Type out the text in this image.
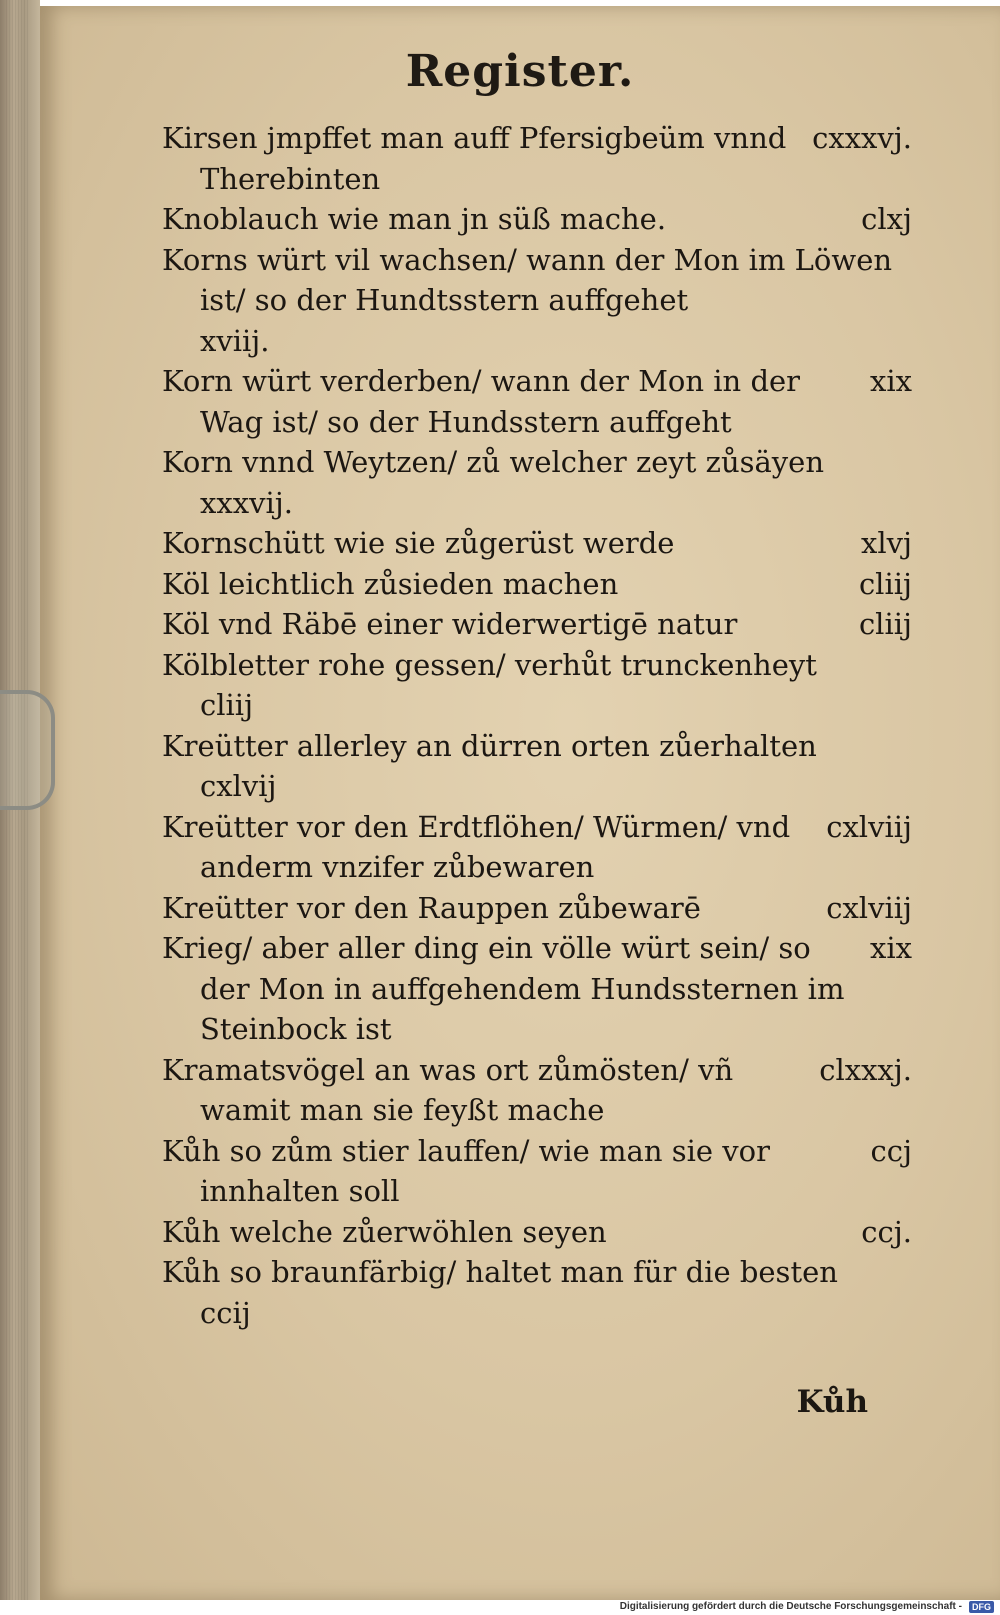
Register.

cxxxvj.
Kirsen jmpffet man auff Pfersigbeüm vnnd Therebinten

clxj
Knoblauch wie man jn süß mache.

Korns würt vil wachsen/ wann der Mon im Löwen ist/ so der Hundtsstern auffgehet
xviij.

xix
Korn würt verderben/ wann der Mon in der Wag ist/ so der Hundsstern auffgeht

Korn vnnd Weytzen/ zů welcher zeyt zůsäyen
xxxvij.

xlvj
Kornschütt wie sie zůgerüst werde

cliij
Köl leichtlich zůsieden machen

cliij
Köl vnd Räbē einer widerwertigē natur

Kölbletter rohe gessen/ verhůt trunckenheyt
cliij

Kreütter allerley an dürren orten zůerhalten
cxlvij

cxlviij
Kreütter vor den Erdtflöhen/ Würmen/ vnd anderm vnzifer zůbewaren

cxlviij
Kreütter vor den Rauppen zůbewarē

xix
Krieg/ aber aller ding ein völle würt sein/ so der Mon in auffgehendem Hundssternen im Steinbock ist

clxxxj.
Kramatsvögel an was ort zůmösten/ vñ wamit man sie feyßt mache

ccj
Kůh so zům stier lauffen/ wie man sie vor innhalten soll

ccj.
Kůh welche zůerwöhlen seyen

Kůh so braunfärbig/ haltet man für die besten
ccij

Kůh
Digitalisierung gefördert durch die Deutsche Forschungsgemeinschaft -	DFG
